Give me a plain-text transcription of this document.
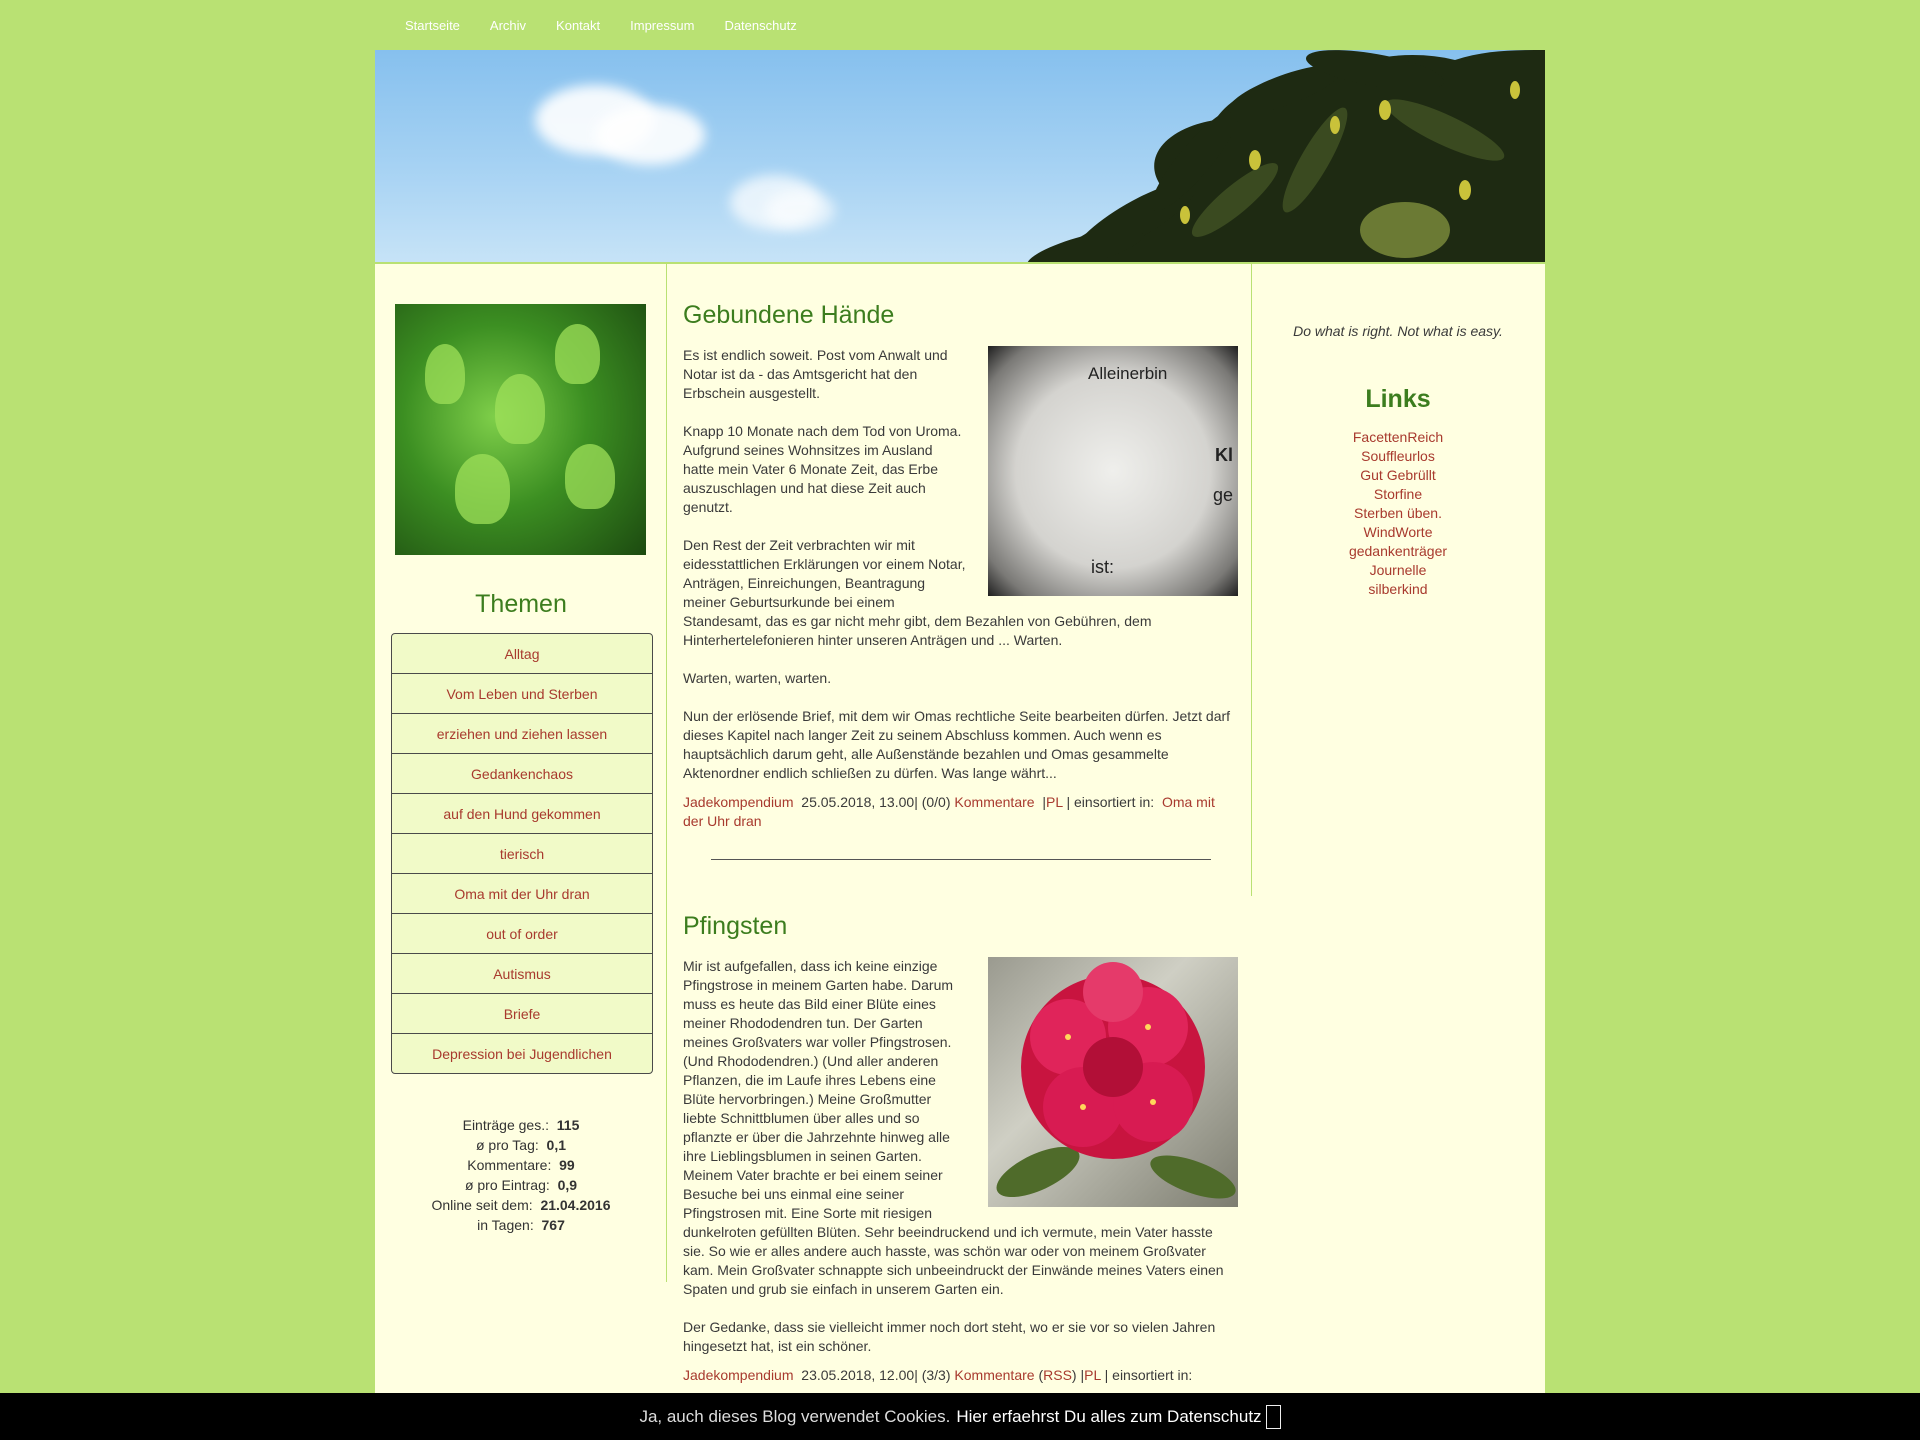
Startseite	Archiv	Kontakt	Impressum	Datenschutz
Themen
Alltag
Vom Leben und Sterben
erziehen und ziehen lassen
Gedankenchaos
auf den Hund gekommen
tierisch
Oma mit der Uhr dran
out of order
Autismus
Briefe
Depression bei Jugendlichen
Einträge ges.: 115
ø pro Tag: 0,1
Kommentare: 99
ø pro Eintrag: 0,9
Online seit dem: 21.04.2016
in Tagen: 767
Gebundene Hände
Alleinerbin
Kl
ge
ist:

Es ist endlich soweit. Post vom Anwalt und Notar ist da - das Amtsgericht hat den Erbschein ausgestellt.

Knapp 10 Monate nach dem Tod von Uroma. Aufgrund seines Wohnsitzes im Ausland hatte mein Vater 6 Monate Zeit, das Erbe auszuschlagen und hat diese Zeit auch genutzt.

Den Rest der Zeit verbrachten wir mit eidesstattlichen Erklärungen vor einem Notar, Anträgen, Einreichungen, Beantragung meiner Geburtsurkunde bei einem Standesamt, das es gar nicht mehr gibt, dem Bezahlen von Gebühren, dem Hinterhertelefonieren hinter unseren Anträgen und ... Warten.

Warten, warten, warten.

Nun der erlösende Brief, mit dem wir Omas rechtliche Seite bearbeiten dürfen. Jetzt darf dieses Kapitel nach langer Zeit zu seinem Abschluss kommen. Auch wenn es hauptsächlich darum geht, alle Außenstände bezahlen und Omas gesammelte Aktenordner endlich schließen zu dürfen. Was lange währt...

Jadekompendium 25.05.2018, 13.00| (0/0) Kommentare  |PL | einsortiert in: Oma mit der Uhr dran
Pfingsten

Mir ist aufgefallen, dass ich keine einzige Pfingstrose in meinem Garten habe. Darum muss es heute das Bild einer Blüte eines meiner Rhododendren tun. Der Garten meines Großvaters war voller Pfingstrosen. (Und Rhododendren.) (Und aller anderen Pflanzen, die im Laufe ihres Lebens eine Blüte hervorbringen.) Meine Großmutter liebte Schnittblumen über alles und so pflanzte er über die Jahrzehnte hinweg alle ihre Lieblingsblumen in seinen Garten. Meinem Vater brachte er bei einem seiner Besuche bei uns einmal eine seiner Pfingstrosen mit. Eine Sorte mit riesigen dunkelroten gefüllten Blüten. Sehr beeindruckend und ich vermute, mein Vater hasste sie. So wie er alles andere auch hasste, was schön war oder von meinem Großvater kam. Mein Großvater schnappte sich unbeeindruckt der Einwände meines Vaters einen Spaten und grub sie einfach in unserem Garten ein.

Der Gedanke, dass sie vielleicht immer noch dort steht, wo er sie vor so vielen Jahren hingesetzt hat, ist ein schöner.

Jadekompendium 23.05.2018, 12.00| (3/3) Kommentare (RSS) |PL | einsortiert in:
Do what is right. Not what is easy.
Links
FacettenReich
Souffleurlos
Gut Gebrüllt
Storfine
Sterben üben.
WindWorte
gedankenträger
Journelle
silberkind
Ja, auch dieses Blog verwendet Cookies. Hier erfaehrst Du alles zum Datenschutz
